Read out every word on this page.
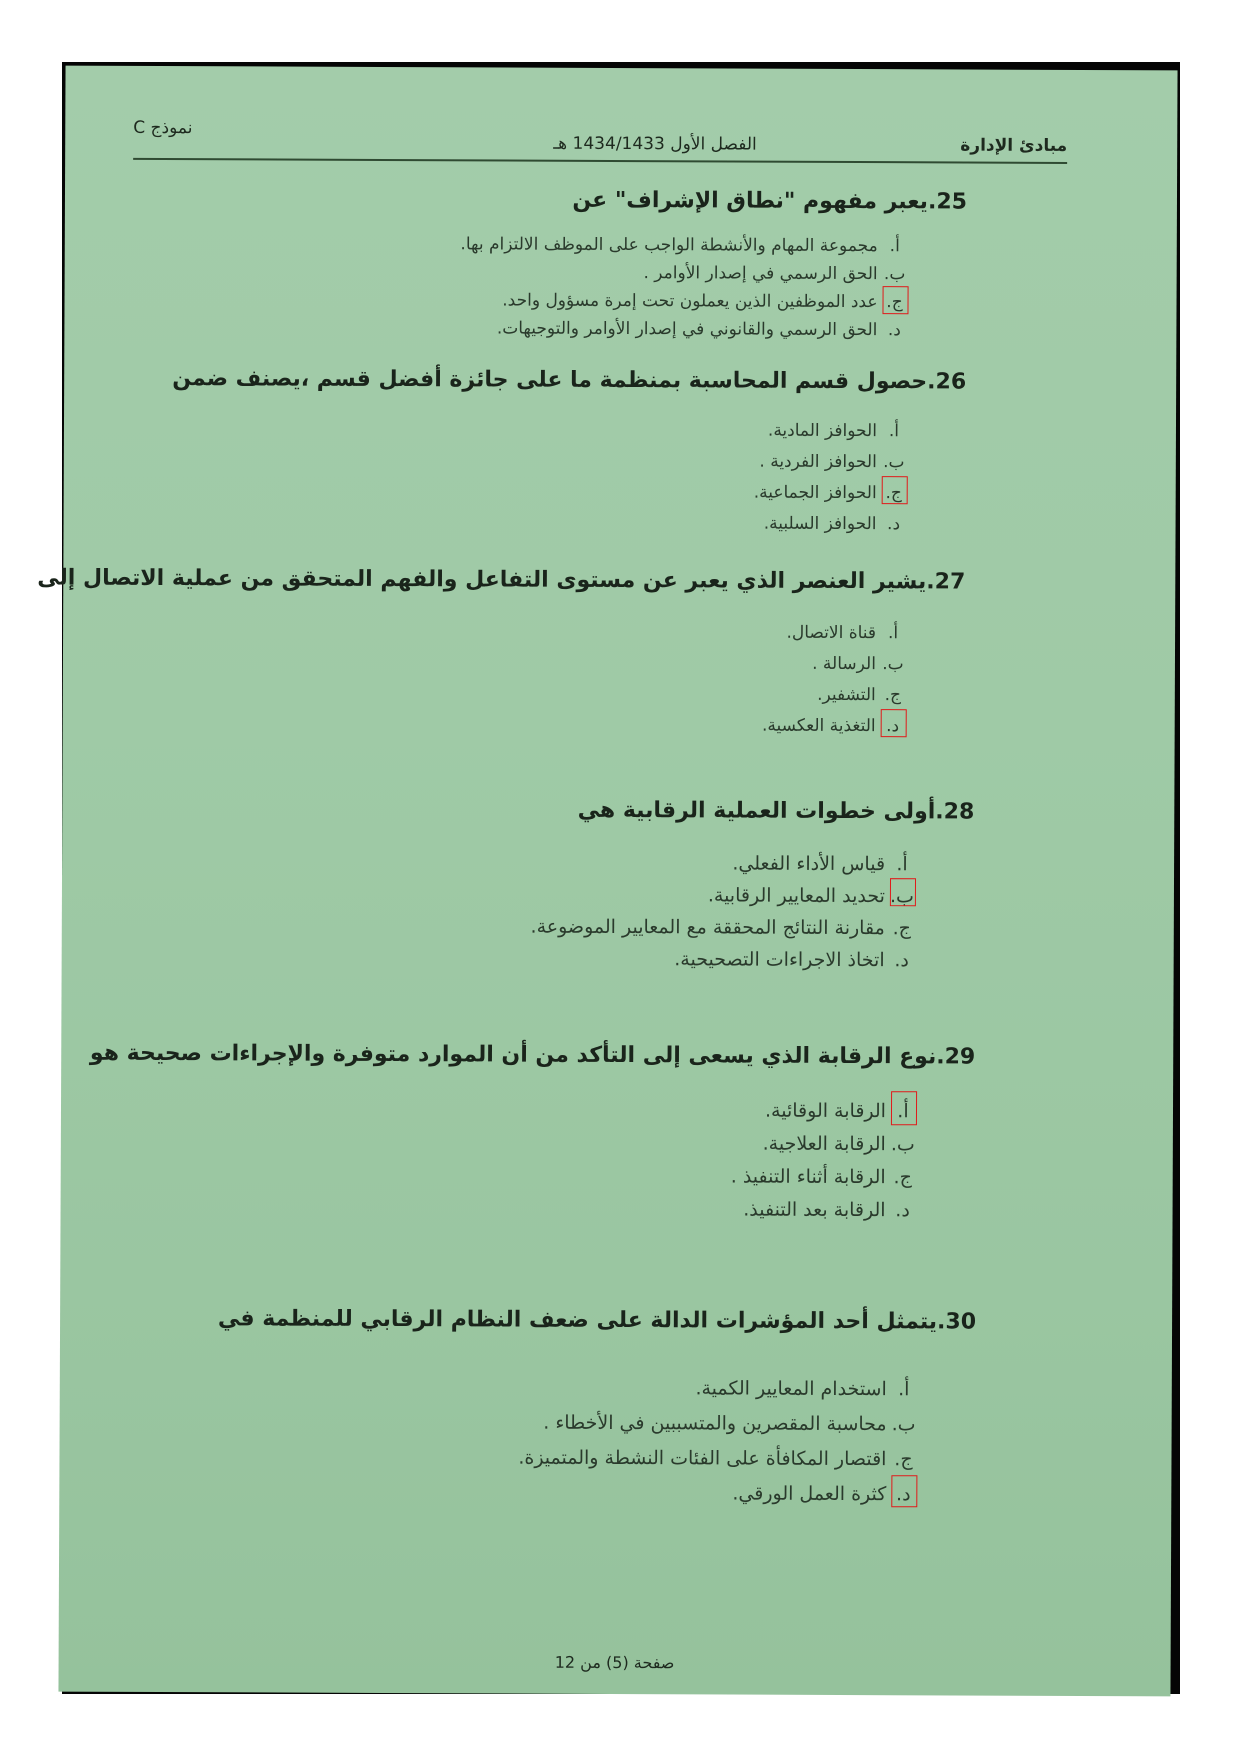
مبادئ الإدارة
الفصل الأول 1434/1433 هـ
نموذج C
25.يعبر مفهوم "نطاق الإشراف" عن
أ.مجموعة المهام والأنشطة الواجب على الموظف الالتزام بها.
ب.الحق الرسمي في إصدار الأوامر .
ج.
عدد الموظفين الذين يعملون تحت إمرة مسؤول واحد.
د.الحق الرسمي والقانوني في إصدار الأوامر والتوجيهات.
26.حصول قسم المحاسبة بمنظمة ما على جائزة أفضل قسم ،يصنف ضمن
أ.الحوافز المادية.
ب.الحوافز الفردية .
ج.
الحوافز الجماعية.
د.الحوافز السلبية.
27.يشير العنصر الذي يعبر عن مستوى التفاعل والفهم المتحقق من عملية الاتصال إلى
أ.قناة الاتصال.
ب.الرسالة .
ج.التشفير.
د.
التغذية العكسية.
28.أولى خطوات العملية الرقابية هي
أ.قياس الأداء الفعلي.
ب.
تحديد المعايير الرقابية.
ج.مقارنة النتائج المحققة مع المعايير الموضوعة.
د.اتخاذ الاجراءات التصحيحية.
29.نوع الرقابة الذي يسعى إلى التأكد من أن الموارد متوفرة والإجراءات صحيحة هو
أ.
الرقابة الوقائية.
ب.الرقابة العلاجية.
ج.الرقابة أثناء التنفيذ .
د.الرقابة بعد التنفيذ.
30.يتمثل أحد المؤشرات الدالة على ضعف النظام الرقابي للمنظمة في
أ.استخدام المعايير الكمية.
ب.محاسبة المقصرين والمتسببين في الأخطاء .
ج.اقتصار المكافأة على الفئات النشطة والمتميزة.
د.
كثرة العمل الورقي.
صفحة (5) من 12
